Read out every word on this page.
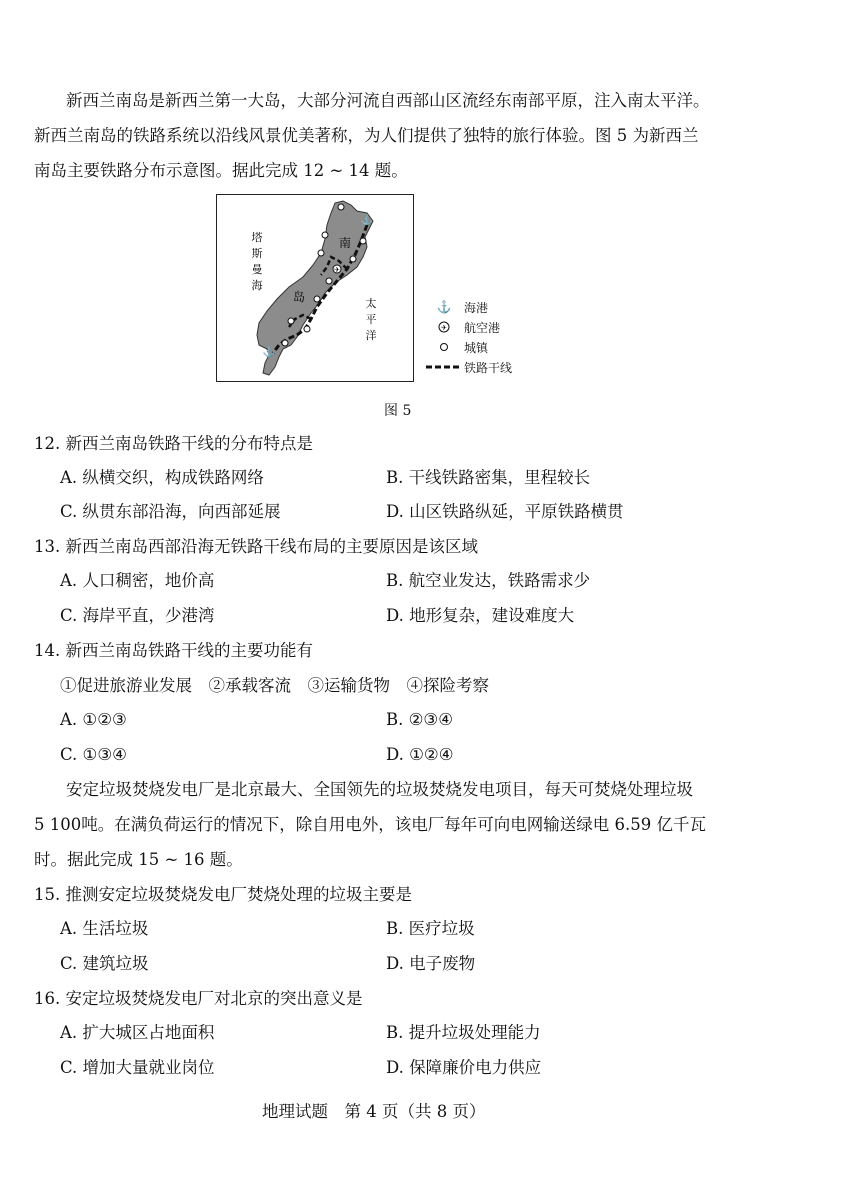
新西兰南岛是新西兰第一大岛，大部分河流自西部山区流经东南部平原，注入南太平洋。
新西兰南岛的铁路系统以沿线风景优美著称，为人们提供了独特的旅行体验。图 5 为新西兰
南岛主要铁路分布示意图。据此完成 12 ~ 14 题。
⚓
⚓
✈
塔
斯
曼
海
南
岛	太
平
洋
⚓	海港
✈ 航空港
城镇
铁路干线
图 5
12. 新西兰南岛铁路干线的分布特点是
A. 纵横交织，构成铁路网络	B. 干线铁路密集，里程较长
C. 纵贯东部沿海，向西部延展	D. 山区铁路纵延，平原铁路横贯
13. 新西兰南岛西部沿海无铁路干线布局的主要原因是该区域
A. 人口稠密，地价高	B. 航空业发达，铁路需求少
C. 海岸平直，少港湾	D. 地形复杂，建设难度大
14. 新西兰南岛铁路干线的主要功能有
①促进旅游业发展　②承载客流　③运输货物　④探险考察
A. ①②③	B. ②③④
C. ①③④	D. ①②④
安定垃圾焚烧发电厂是北京最大、全国领先的垃圾焚烧发电项目，每天可焚烧处理垃圾
5 100吨。在满负荷运行的情况下，除自用电外，该电厂每年可向电网输送绿电 6.59 亿千瓦
时。据此完成 15 ~ 16 题。
15. 推测安定垃圾焚烧发电厂焚烧处理的垃圾主要是
A. 生活垃圾	B. 医疗垃圾
C. 建筑垃圾	D. 电子废物
16. 安定垃圾焚烧发电厂对北京的突出意义是
A. 扩大城区占地面积	B. 提升垃圾处理能力
C. 增加大量就业岗位	D. 保障廉价电力供应
地理试题　第 4 页（共 8 页）
